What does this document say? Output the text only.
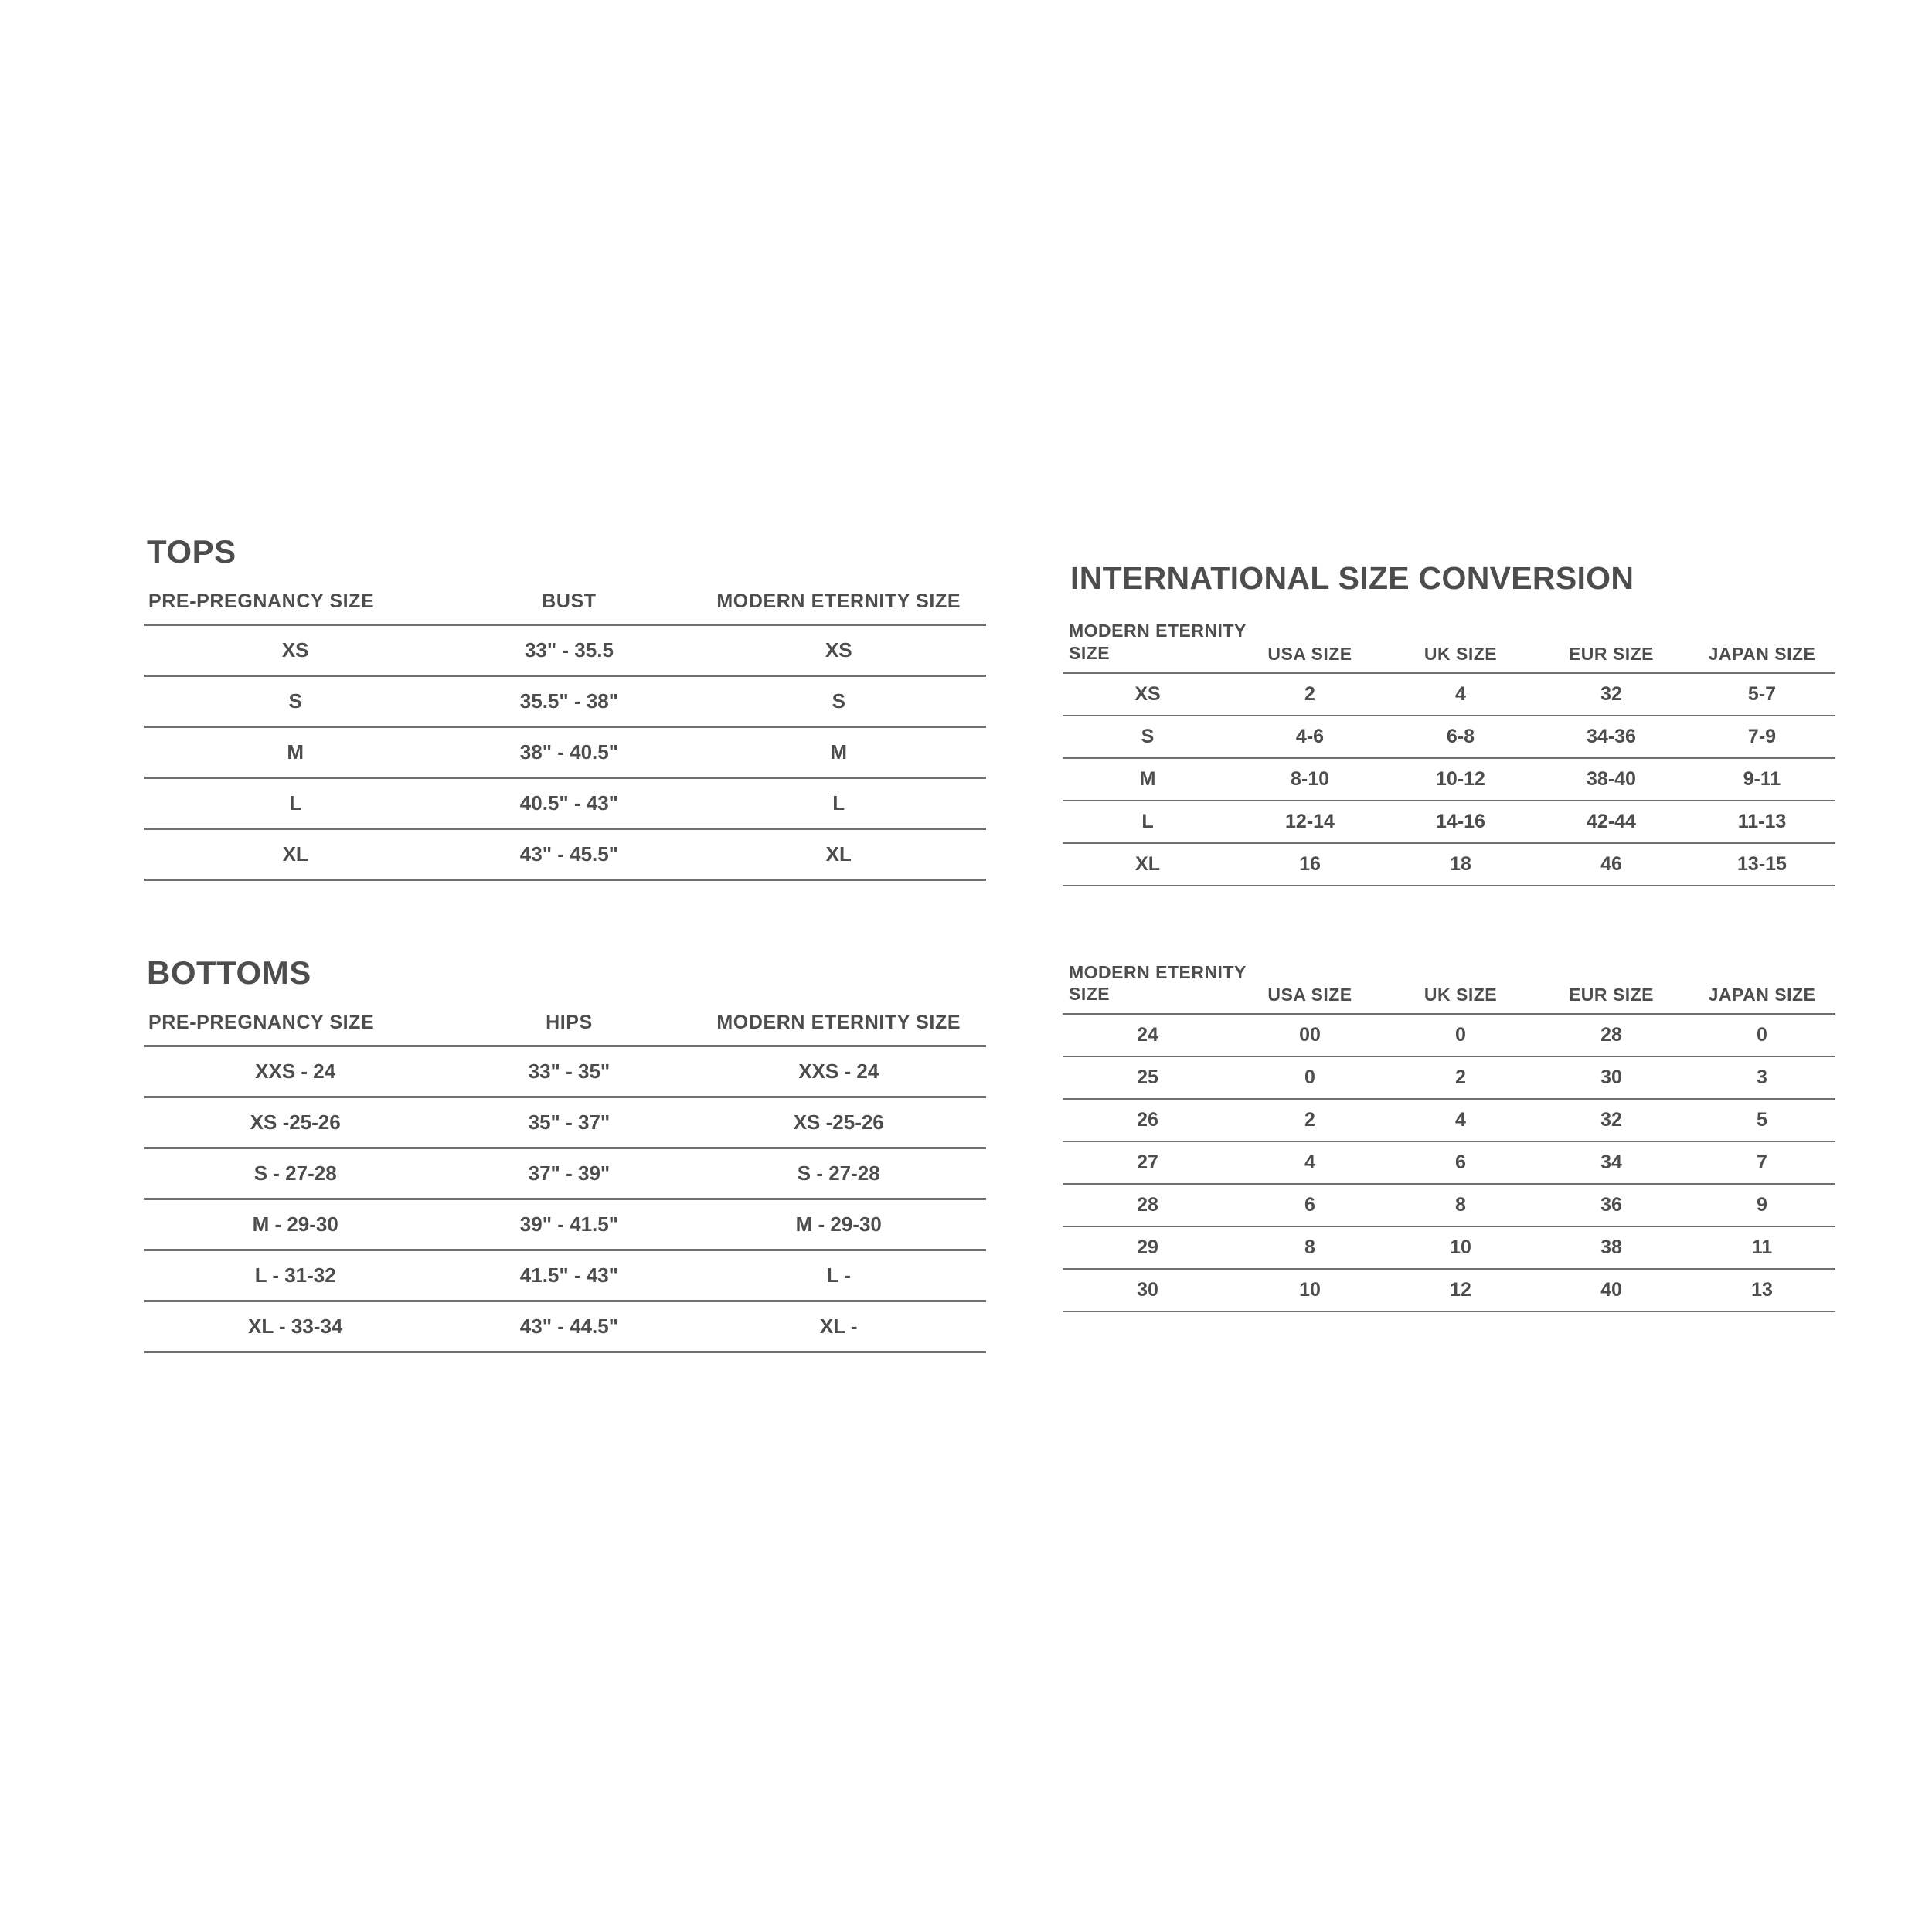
TOPS
PRE-PREGNANCY SIZE	BUST	MODERN ETERNITY SIZE
XS	33" - 35.5	XS
S	35.5" - 38"	S
M	38" - 40.5"	M
L	40.5" - 43"	L
XL	43" - 45.5"	XL
BOTTOMS
PRE-PREGNANCY SIZE	HIPS	MODERN ETERNITY SIZE
XXS - 24	33" - 35"	XXS - 24
XS -25-26	35" - 37"	XS -25-26
S - 27-28	37" - 39"	S - 27-28
M - 29-30	39" - 41.5"	M - 29-30
L - 31-32	41.5" - 43"	L -
XL - 33-34	43" - 44.5"	XL -
INTERNATIONAL SIZE CONVERSION
MODERN ETERNITY
SIZE	USA SIZE	UK SIZE	EUR SIZE	JAPAN SIZE
XS	2	4	32	5-7
S	4-6	6-8	34-36	7-9
M	8-10	10-12	38-40	9-11
L	12-14	14-16	42-44	11-13
XL	16	18	46	13-15
MODERN ETERNITY
SIZE	USA SIZE	UK SIZE	EUR SIZE	JAPAN SIZE
24	00	0	28	0
25	0	2	30	3
26	2	4	32	5
27	4	6	34	7
28	6	8	36	9
29	8	10	38	11
30	10	12	40	13
